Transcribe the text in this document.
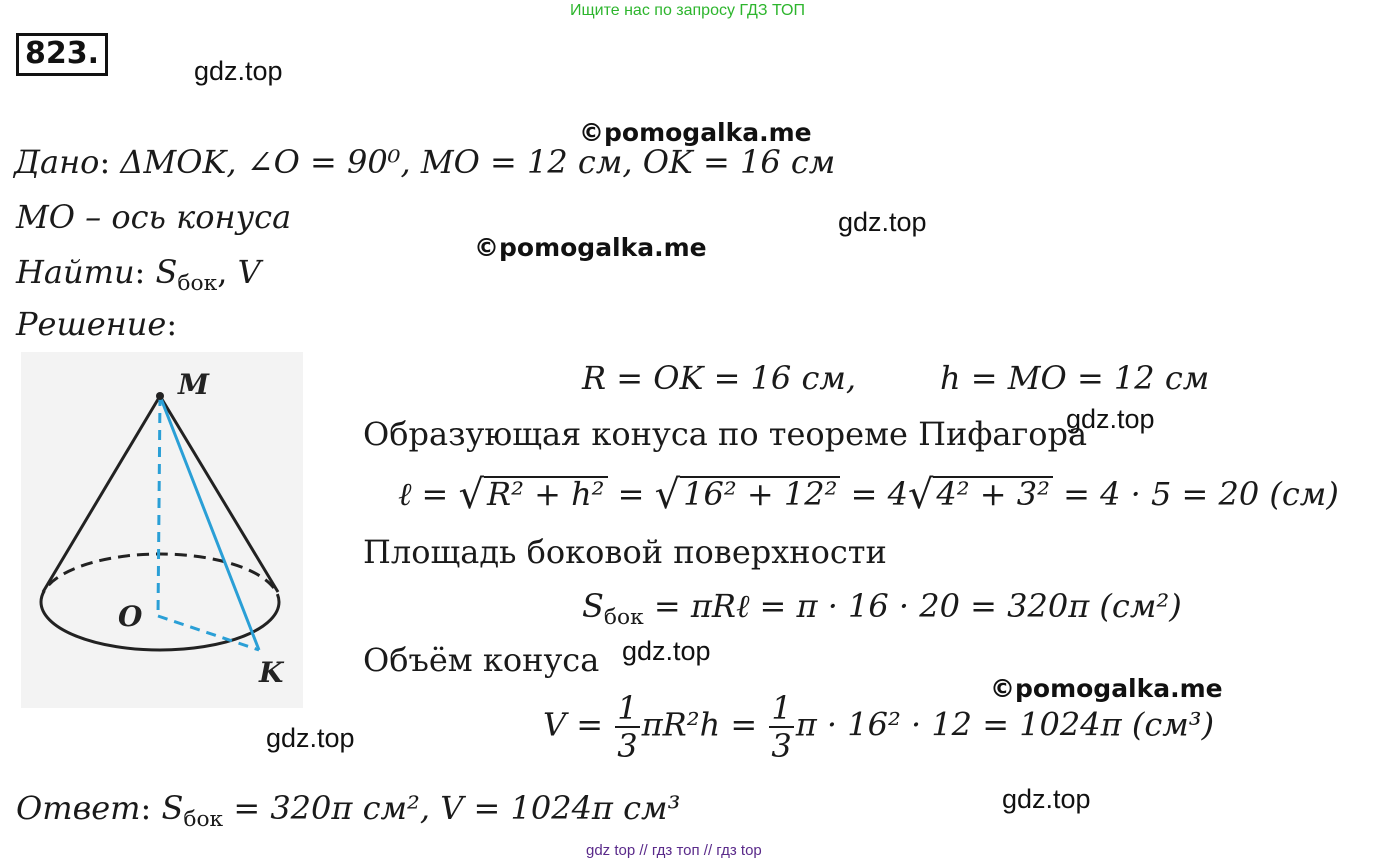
Ищите нас по запросу ГДЗ ТОП
823.	gdz.top
©pomogalka.me
gdz.top
©pomogalka.me
gdz.top
gdz.top
©pomogalka.me
gdz.top
gdz.top
Дано: ΔMOK, ∠O = 90⁰, MO = 12 см, OK = 16 см
MO – ось конуса
Найти: $S_{бок}$, V
Решение:
M
O
K
R = OK = 16 см,	h = MO = 12 см
Образующая конуса по теореме Пифагора
ℓ = √R² + h² = √16² + 12² = 4√4² + 3² = 4 · 5 = 20 (см)
Площадь боковой поверхности
$S_{бок}$ = πRℓ = π · 16 · 20 = 320π (см²)
Объём конуса
$V = \frac{1}{3} \pi R^2h = \frac{1}{3}$ π · 16² · 12 = 1024π (см³)
Ответ: $S_{бок} = 320\pi$ см², V = 1024π см³
gdz top // гдз топ // гдз top
